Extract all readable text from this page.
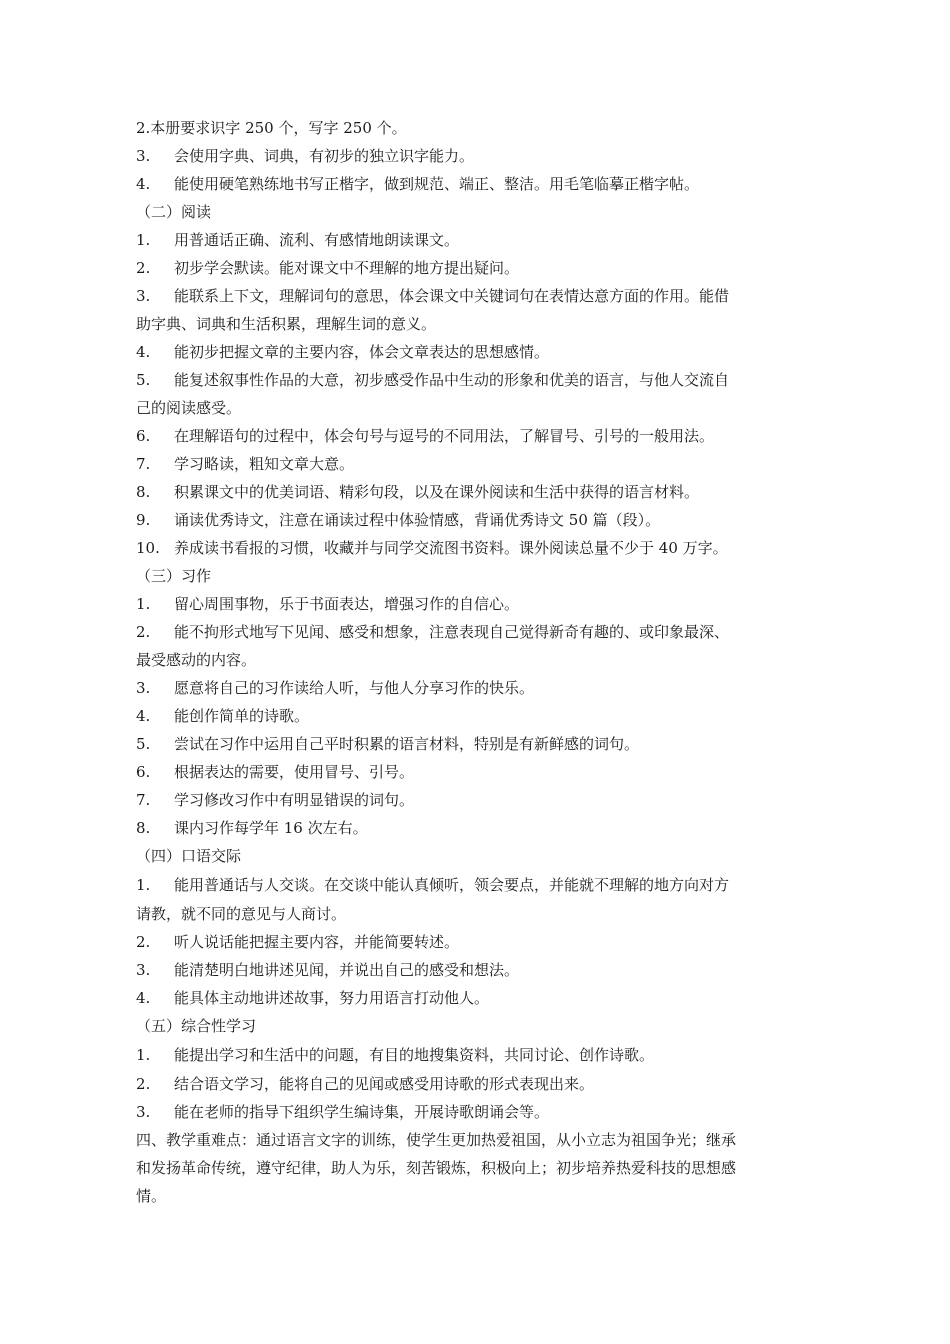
2.本册要求识字 250 个，写字 250 个。
3. 会使用字典、词典，有初步的独立识字能力。
4. 能使用硬笔熟练地书写正楷字，做到规范、端正、整洁。用毛笔临摹正楷字帖。
（二）阅读
1. 用普通话正确、流利、有感情地朗读课文。
2. 初步学会默读。能对课文中不理解的地方提出疑问。
3. 能联系上下文，理解词句的意思，体会课文中关键词句在表情达意方面的作用。能借
助字典、词典和生活积累，理解生词的意义。
4. 能初步把握文章的主要内容，体会文章表达的思想感情。
5. 能复述叙事性作品的大意，初步感受作品中生动的形象和优美的语言，与他人交流自
己的阅读感受。
6. 在理解语句的过程中，体会句号与逗号的不同用法，了解冒号、引号的一般用法。
7. 学习略读，粗知文章大意。
8. 积累课文中的优美词语、精彩句段，以及在课外阅读和生活中获得的语言材料。
9. 诵读优秀诗文，注意在诵读过程中体验情感，背诵优秀诗文 50 篇（段）。
10. 养成读书看报的习惯，收藏并与同学交流图书资料。课外阅读总量不少于 40 万字。
（三）习作
1. 留心周围事物，乐于书面表达，增强习作的自信心。
2. 能不拘形式地写下见闻、感受和想象，注意表现自己觉得新奇有趣的、或印象最深、
最受感动的内容。
3. 愿意将自己的习作读给人听，与他人分享习作的快乐。
4. 能创作简单的诗歌。
5. 尝试在习作中运用自己平时积累的语言材料，特别是有新鲜感的词句。
6. 根据表达的需要，使用冒号、引号。
7. 学习修改习作中有明显错误的词句。
8. 课内习作每学年 16 次左右。
（四）口语交际
1. 能用普通话与人交谈。在交谈中能认真倾听，领会要点，并能就不理解的地方向对方
请教，就不同的意见与人商讨。
2. 听人说话能把握主要内容，并能简要转述。
3. 能清楚明白地讲述见闻，并说出自己的感受和想法。
4. 能具体主动地讲述故事，努力用语言打动他人。
（五）综合性学习
1. 能提出学习和生活中的问题，有目的地搜集资料，共同讨论、创作诗歌。
2. 结合语文学习，能将自己的见闻或感受用诗歌的形式表现出来。
3. 能在老师的指导下组织学生编诗集，开展诗歌朗诵会等。
四、教学重难点：通过语言文字的训练，使学生更加热爱祖国，从小立志为祖国争光；继承
和发扬革命传统，遵守纪律，助人为乐，刻苦锻炼，积极向上；初步培养热爱科技的思想感
情。
